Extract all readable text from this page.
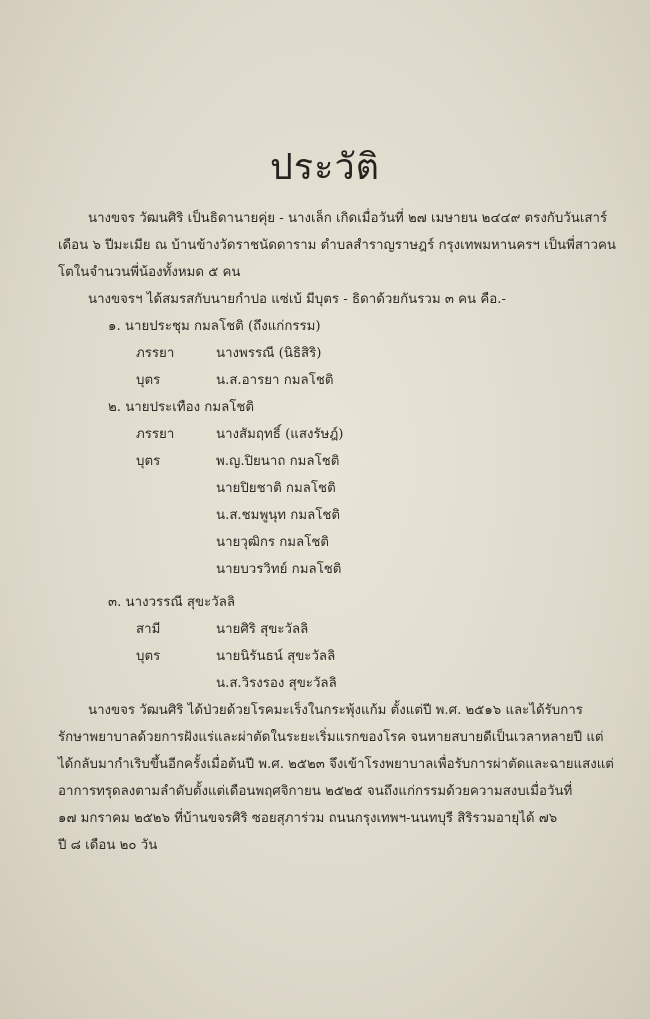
ประวัติ
นางขจร วัฒนศิริ เป็นธิดานายคุ่ย - นางเล็ก เกิดเมื่อวันที่ ๒๗ เมษายน ๒๔๔๙ ตรงกับวันเสาร์
เดือน ๖ ปีมะเมีย ณ บ้านข้างวัดราชนัดดาราม ตำบลสำราญราษฎร์ กรุงเทพมหานครฯ เป็นพี่สาวคน
โตในจำนวนพี่น้องทั้งหมด ๕ คน
นางขจรฯ ได้สมรสกับนายกำปอ แซ่เบ้ มีบุตร - ธิดาด้วยกันรวม ๓ คน คือ.-
๑. นายประชุม กมลโชติ (ถึงแก่กรรม)
ภรรยา	นางพรรณี (นิธิสิริ)
บุตร	น.ส.อารยา กมลโชติ
๒. นายประเทือง กมลโชติ
ภรรยา	นางสัมฤทธิ์ (แสงรัษฎ์)
บุตร	พ.ญ.ปิยนาถ กมลโชติ
นายปิยชาติ กมลโชติ
น.ส.ชมพูนุท กมลโชติ
นายวุฒิกร กมลโชติ
นายบวรวิทย์ กมลโชติ
๓. นางวรรณี สุขะวัลลิ
สามี	นายศิริ สุขะวัลลิ
บุตร	นายนิรันธน์ สุขะวัลลิ
น.ส.วิรงรอง สุขะวัลลิ
นางขจร วัฒนศิริ ได้ป่วยด้วยโรคมะเร็งในกระพุ้งแก้ม ตั้งแต่ปี พ.ศ. ๒๕๑๖ และได้รับการ
รักษาพยาบาลด้วยการฝังแร่และผ่าตัดในระยะเริ่มแรกของโรค จนหายสบายดีเป็นเวลาหลายปี แต่
ได้กลับมากำเริบขึ้นอีกครั้งเมื่อต้นปี พ.ศ. ๒๕๒๓ จึงเข้าโรงพยาบาลเพื่อรับการผ่าตัดและฉายแสงแต่
อาการทรุดลงตามลำดับตั้งแต่เดือนพฤศจิกายน ๒๕๒๕ จนถึงแก่กรรมด้วยความสงบเมื่อวันที่
๑๗ มกราคม ๒๕๒๖ ที่บ้านขจรศิริ ซอยสุภาร่วม ถนนกรุงเทพฯ-นนทบุรี สิริรวมอายุได้ ๗๖
ปี ๘ เดือน ๒๐ วัน
